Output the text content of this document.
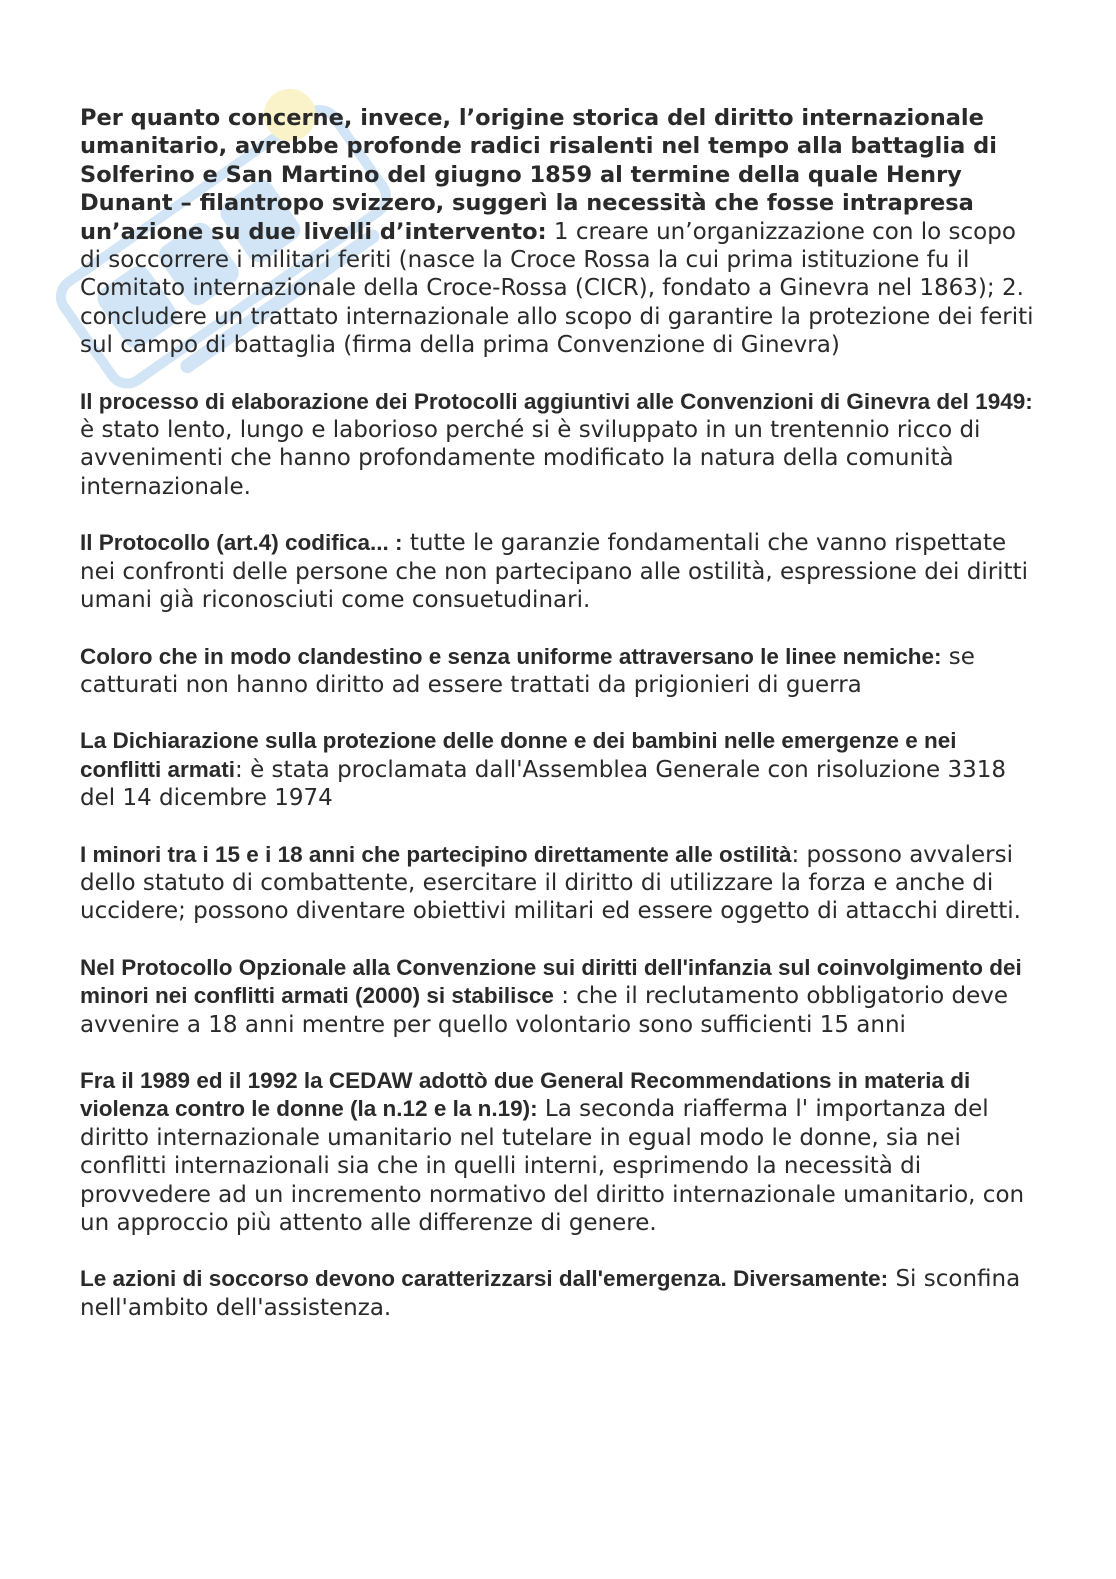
Per quanto concerne, invece, l’origine storica del diritto internazionale umanitario, avrebbe profonde radici risalenti nel tempo alla battaglia di Solferino e San Martino del giugno 1859 al termine della quale Henry Dunant – filantropo svizzero, suggerì la necessità che fosse intrapresa un’azione su due livelli d’intervento: 1 creare un’organizzazione con lo scopo di soccorrere i militari feriti (nasce la Croce Rossa la cui prima istituzione fu il Comitato internazionale della Croce-Rossa (CICR), fondato a Ginevra nel 1863); 2. concludere un trattato internazionale allo scopo di garantire la protezione dei feriti sul campo di battaglia (firma della prima Convenzione di Ginevra)

Il processo di elaborazione dei Protocolli aggiuntivi alle Convenzioni di Ginevra del 1949: è stato lento, lungo e laborioso perché si è sviluppato in un trentennio ricco di avvenimenti che hanno profondamente modificato la natura della comunità internazionale.

Il Protocollo (art.4) codifica... : tutte le garanzie fondamentali che vanno rispettate nei confronti delle persone che non partecipano alle ostilità, espressione dei diritti umani già riconosciuti come consuetudinari.

Coloro che in modo clandestino e senza uniforme attraversano le linee nemiche: se catturati non hanno diritto ad essere trattati da prigionieri di guerra

La Dichiarazione sulla protezione delle donne e dei bambini nelle emergenze e nei conflitti armati: è stata proclamata dall'Assemblea Generale con risoluzione 3318 del 14 dicembre 1974

I minori tra i 15 e i 18 anni che partecipino direttamente alle ostilità: possono avvalersi dello statuto di combattente, esercitare il diritto di utilizzare la forza e anche di uccidere; possono diventare obiettivi militari ed essere oggetto di attacchi diretti.

Nel Protocollo Opzionale alla Convenzione sui diritti dell'infanzia sul coinvolgimento dei minori nei conflitti armati (2000) si stabilisce : che il reclutamento obbligatorio deve avvenire a 18 anni mentre per quello volontario sono sufficienti 15 anni

Fra il 1989 ed il 1992 la CEDAW adottò due General Recommendations in materia di violenza contro le donne (la n.12 e la n.19): La seconda riafferma l' importanza del diritto internazionale umanitario nel tutelare in egual modo le donne, sia nei conflitti internazionali sia che in quelli interni, esprimendo la necessità di provvedere ad un incremento normativo del diritto internazionale umanitario, con un approccio più attento alle differenze di genere.

Le azioni di soccorso devono caratterizzarsi dall'emergenza. Diversamente: Si sconfina nell'ambito dell'assistenza.
